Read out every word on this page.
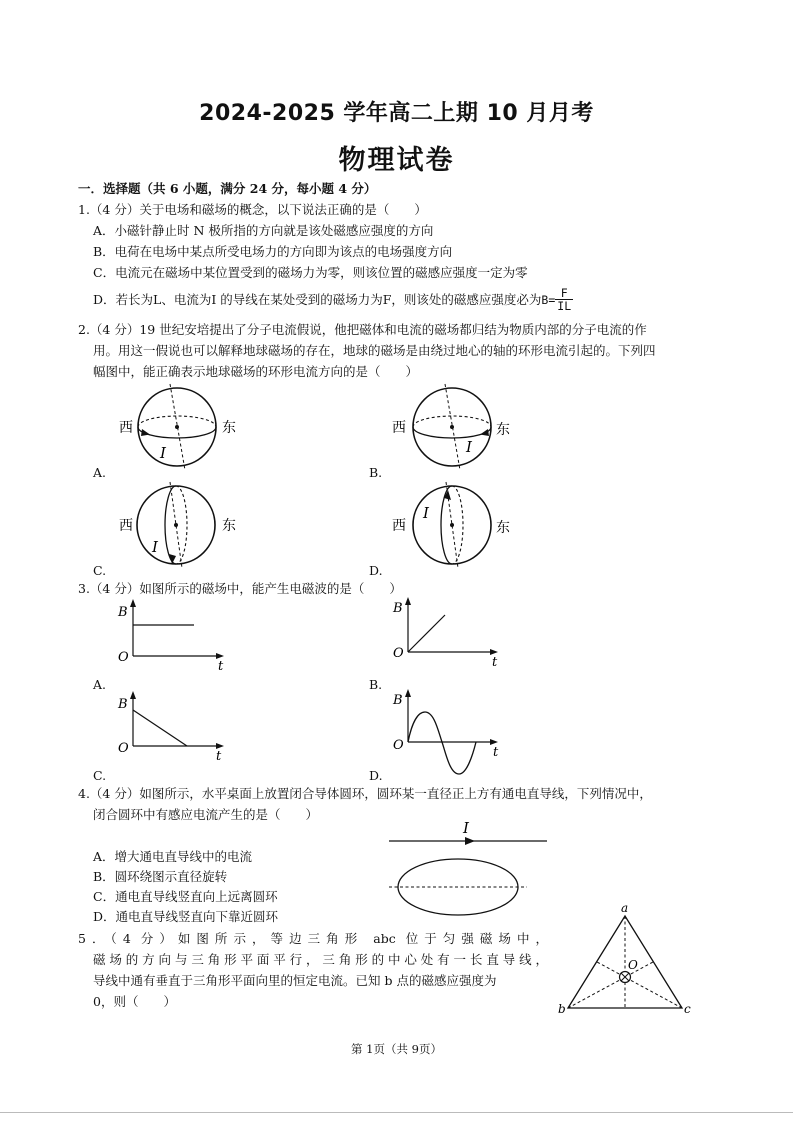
2024-2025 学年高二上期 10 月月考
物理试卷
一．选择题（共 6 小题，满分 24 分，每小题 4 分）
1.（4 分）关于电场和磁场的概念，以下说法正确的是（　　）
A．小磁针静止时 N 极所指的方向就是该处磁感应强度的方向
B．电荷在电场中某点所受电场力的方向即为该点的电场强度方向
C．电流元在磁场中某位置受到的磁场力为零，则该位置的磁感应强度一定为零
D．若长为L、电流为I 的导线在某处受到的磁场力为F，则该处的磁感应强度必为 $B= \frac{F}{IL}$
2.（4 分）19 世纪安培提出了分子电流假说，他把磁体和电流的磁场都归结为物质内部的分子电流的作
用。用这一假说也可以解释地球磁场的存在，地球的磁场是由绕过地心的轴的环形电流引起的。下列四
幅图中，能正确表示地球磁场的环形电流方向的是（　　）
西	东
I
A.
西	东
I
B.
西	东
I
C.
西	东
I
D.
3.（4 分）如图所示的磁场中，能产生电磁波的是（　　）
B
O
t
A.
B
O
t
B.
B
O
t
C.
B
O	t
D.
4.（4 分）如图所示，水平桌面上放置闭合导体圆环，圆环某一直径正上方有通电直导线，下列情况中，
闭合圆环中有感应电流产生的是（　　）
A．增大通电直导线中的电流
B．圆环绕图示直径旋转
C．通电直导线竖直向上远离圆环
D．通电直导线竖直向下靠近圆环
I
5．（4 分）如图所示，等边三角形 abc 位于匀强磁场中，
磁场的方向与三角形平面平行，三角形的中心处有一长直导线，
导线中通有垂直于三角形平面向里的恒定电流。已知 b 点的磁感应强度为
0，则（　　）
a
b	c
O
第 1页（共 9页）
